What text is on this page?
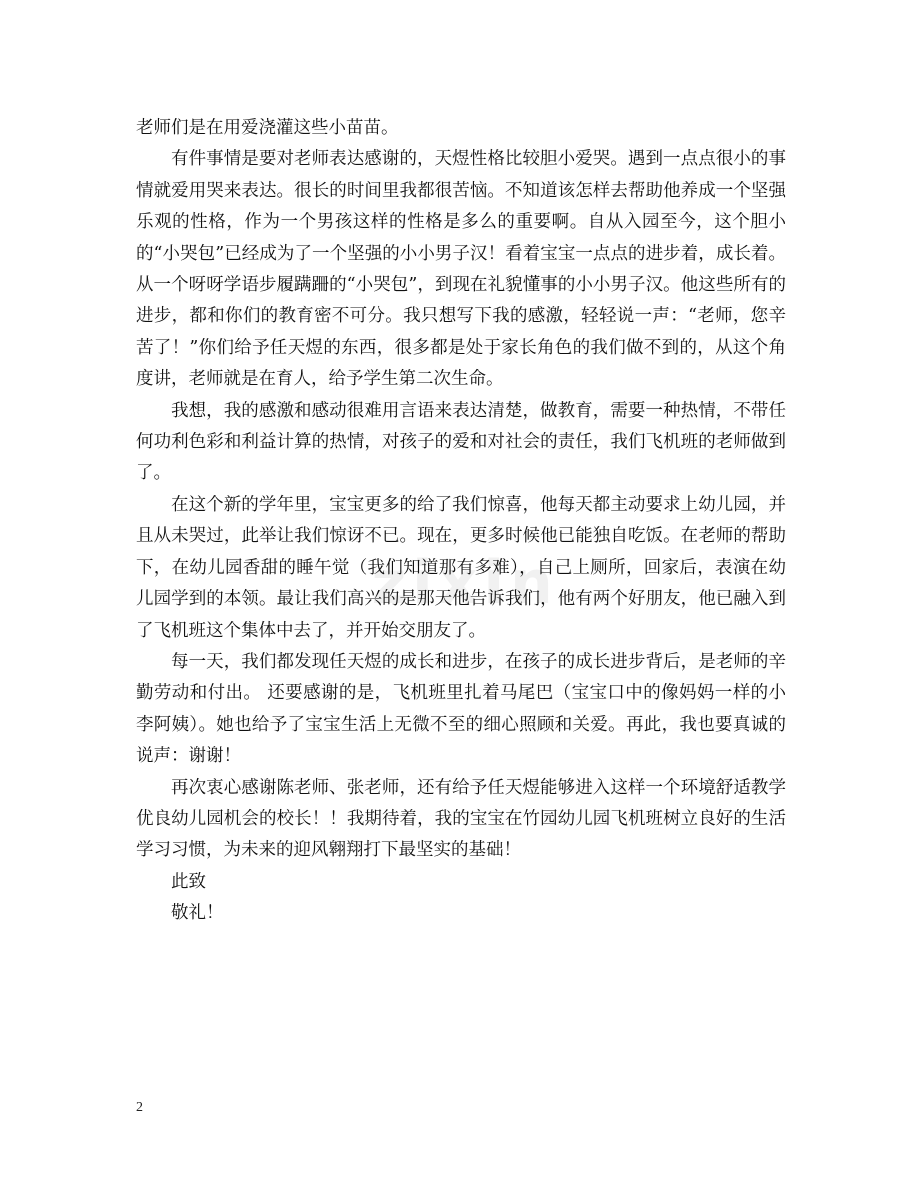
zixin

老师们是在用爱浇灌这些小苗苗。

有件事情是要对老师表达感谢的，天煜性格比较胆小爱哭。遇到一点点很小的事情就爱用哭来表达。很长的时间里我都很苦恼。不知道该怎样去帮助他养成一个坚强乐观的性格，作为一个男孩这样的性格是多么的重要啊。自从入园至今，这个胆小的“小哭包”已经成为了一个坚强的小小男子汉！看着宝宝一点点的进步着，成长着。从一个呀呀学语步履蹒跚的“小哭包”，到现在礼貌懂事的小小男子汉。他这些所有的进步，都和你们的教育密不可分。我只想写下我的感激，轻轻说一声：“老师，您辛苦了！”你们给予任天煜的东西，很多都是处于家长角色的我们做不到的，从这个角度讲，老师就是在育人，给予学生第二次生命。

我想，我的感激和感动很难用言语来表达清楚，做教育，需要一种热情，不带任何功利色彩和利益计算的热情，对孩子的爱和对社会的责任，我们飞机班的老师做到了。

在这个新的学年里，宝宝更多的给了我们惊喜，他每天都主动要求上幼儿园，并且从未哭过，此举让我们惊讶不已。现在，更多时候他已能独自吃饭。在老师的帮助下，在幼儿园香甜的睡午觉（我们知道那有多难），自己上厕所，回家后，表演在幼儿园学到的本领。最让我们高兴的是那天他告诉我们，他有两个好朋友，他已融入到了飞机班这个集体中去了，并开始交朋友了。

每一天，我们都发现任天煜的成长和进步，在孩子的成长进步背后，是老师的辛勤劳动和付出。 还要感谢的是，飞机班里扎着马尾巴（宝宝口中的像妈妈一样的小李阿姨）。她也给予了宝宝生活上无微不至的细心照顾和关爱。再此，我也要真诚的说声：谢谢！

再次衷心感谢陈老师、张老师，还有给予任天煜能够进入这样一个环境舒适教学优良幼儿园机会的校长！！我期待着，我的宝宝在竹园幼儿园飞机班树立良好的生活学习习惯，为未来的迎风翱翔打下最坚实的基础！

此致

敬礼！

2
